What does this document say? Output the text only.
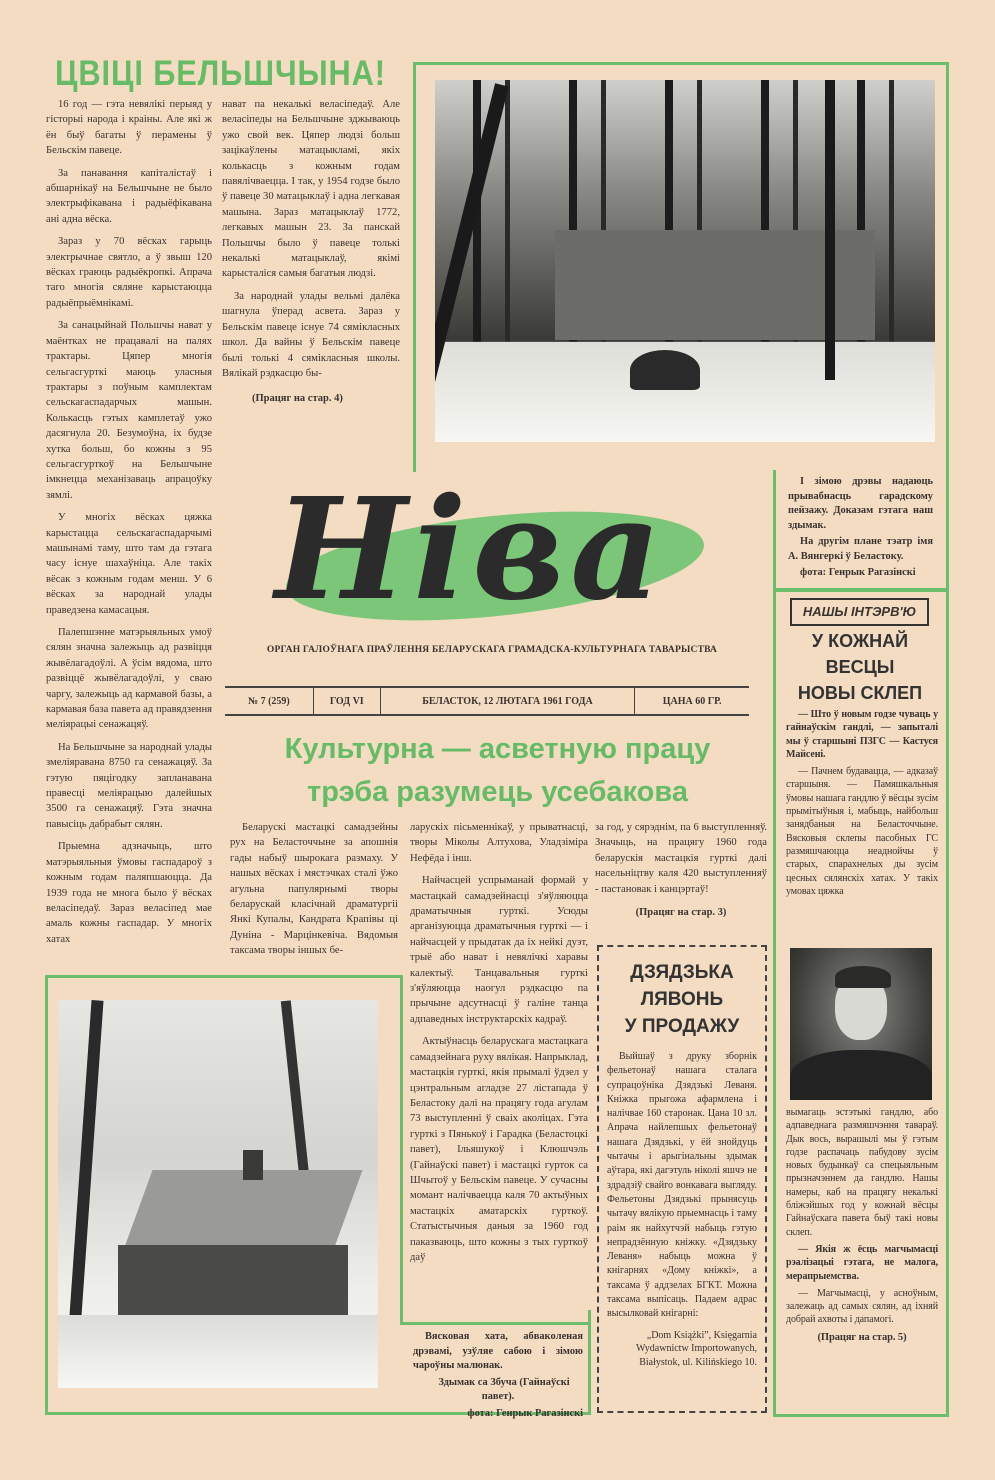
ЦВІЦІ БЕЛЬШЧЫНА!

16 год — гэта невялікі перыяд у гісторыі народа і краіны. Але які ж ён быў багаты ў перамены ў Бельскім павеце.

За панавання капіталістаў і абшарнікаў на Бельшчыне не было электрыфікавана і радыёфікавана ані адна вёска.

Зараз у 70 вёсках гарыць электрычнае святло, а ў звыш 120 вёсках граюць радыёкропкі. Апрача таго многія сяляне карыстаюцца радыёпрыёмнікамі.

За санацыйнай Польшчы нават у маёнтках не працавалі на палях трактары. Цяпер многія сельгасгурткі маюць уласныя трактары з поўным камплектам сельскагаспадарчых машын. Колькасць гэтых камплетаў ужо дасягнула 20. Безумоўна, іх будзе хутка больш, бо кожны з 95 сельгасгурткоў на Бельшчыне імкнецца механізаваць апрацоўку зямлі.

У многіх вёсках цяжка карыстацца сельскагаспадарчымі машынамі таму, што там да гэтага часу існуе шахаўніца. Але такіх вёсак з кожным годам менш. У 6 вёсках за народнай улады праведзена камасацыя.

Палепшэнне матэрыяльных умоў сялян значна залежыць ад развіцця жывёлагадоўлі. А ўсім вядома, што развіццё жывёлагадоўлі, у сваю чаргу, залежыць ад кармавой базы, а кармавая база павета ад правядзення меліярацыі сенажацяў.

На Бельшчыне за народнай улады змеліяравана 8750 га сенажацяў. За гэтую пяцігодку запланавана правесці меліярацыю далейшых 3500 га сенажацяў. Гэта значна павысіць дабрабыт сялян.

Прыемна адзначыць, што матэрыяльныя ўмовы гаспадароў з кожным годам паляпшаюцца. Да 1939 года не многа было ў вёсках веласіпедаў. Зараз веласіпед мае амаль кожны гаспадар. У многіх хатах

нават па некалькі веласіпедаў. Але веласіпеды на Бельшчыне зджываюць ужо свой век. Цяпер людзі больш зацікаўлены матацыкламі, якіх колькасць з кожным годам павялічваецца. І так, у 1954 годзе было ў павеце 30 матацыклаў і адна легкавая машына. Зараз матацыклаў 1772, легкавых машын 23. За панскай Польшчы было ў павеце толькі некалькі матацыклаў, якімі карысталіся самыя багатыя людзі.

За народнай улады вельмі далёка шагнула ўперад асвета. Зараз у Бельскім павеце існуе 74 сямікласных школ. Да вайны ў Бельскім павеце былі толькі 4 сямікласныя школы. Вялікай рэдкасцю бы-

(Працяг на стар. 4)

І зімою дрэвы надаюць прывабнасць гарадскому пейзажу. Доказам гэтага наш здымак.

На другім плане тэатр імя А. Вянгеркі ў Беластоку.

фота: Генрык Рагазінскі

Ніва
ОРГАН ГАЛОЎНАГА ПРАЎЛЕННЯ БЕЛАРУСКАГА ГРАМАДСКА-КУЛЬТУРНАГА ТАВАРЫСТВА
№ 7 (259)	ГОД VI	БЕЛАСТОК, 12 ЛЮТАГА 1961 ГОДА	ЦАНА 60 ГР.
Культурна — асветную працу
трэба разумець усебакова

Беларускі мастацкі самадзейны рух на Беласточчыне за апошнія гады набыў шырокага размаху. У нашых вёсках і мястэчках сталі ўжо агульна папулярнымі творы беларускай класічнай драматургіі Янкі Купалы, Кандрата Крапівы ці Дуніна - Марцінкевіча. Вядомыя таксама творы іншых бе-

ларускіх пісьменнікаў, у прыватнасці, творы Міколы Алтухова, Уладзіміра Нефёда і інш.

Найчасцей успрыманай формай у мастацкай самадзейнасці з'яўляюцца драматычныя гурткі. Усюды арганізуюцца драматычныя гурткі — і найчасцей у прыдатак да іх нейкі дуэт, трыё або нават і невялічкі харавы калектыў. Танцавальныя гурткі з'яўляюцца наогул рэдкасцю па прычыне адсутнасці ў галіне танца адпаведных інструктарскіх кадраў.

Актыўнасць беларускага мастацкага самадзейнага руху вялікая. Напрыклад, мастацкія гурткі, якія прымалі ўдзел у цэнтральным агладзе 27 лістапада ў Беластоку далі на працягу года агулам 73 выступленні ў сваіх аколіцах. Гэта гурткі з Пянькоў і Гарадка (Беластоцкі павет), Ільяшукоў і Клюшчэль (Гайнаўскі павет) і мастацкі гурток са Шчытоў у Бельскім павеце. У сучасны момант налічваецца каля 70 актыўных мастацкіх аматарскіх гурткоў. Статыстычныя даныя за 1960 год паказваюць, што кожны з тых гурткоў даў

за год, у сярэднім, па 6 выступленняў. Значыць, на працягу 1960 года беларускія мастацкія гурткі далі насельніцтву каля 420 выступленняў - пастановак і канцэртаў!

(Працяг на стар. 3)

Вясковая хата, абвакoленая дрэвамі, узўляе сабою і зімою чароўны малюнак.

Здымак са Збуча (Гайнаўскі павет).

фота: Генрык Рагазінскі

ДЗЯДЗЬКА
ЛЯВОНЬ
У ПРОДАЖУ

Выйшаў з друку зборнік фельетонаў нашага сталага супрацоўніка Дзядзькі Леваня. Кніжка прыгожа афармлена і налічвае 160 старонак. Цана 10 зл. Апрача найлепшых фельетонаў нашага Дзядзькі, у ёй знойдуць чытачы і арыгінальны здымак аўтара, які дагэтуль ніколі яшчэ не здрадзіў свайго вонкавага выгляду. Фельетоны Дзядзькі прынясуць чытачу вялікую прыемнасць і таму раім як найхутчэй набыць гэтую непрадзённую кніжку. «Дзядзьку Леваня» набыць можна ў кнігарнях «Дому кніжкі», а таксама ў аддзелах БГКТ. Можна таксама выпісаць. Падаем адрас высылковай кнігарні:

„Dom Książki”, Księgarnia Wydawnictw Importowanych, Białystok, ul. Kilińskiego 10.
НАШЫ ІНТЭРВ'Ю
У КОЖНАЙ
ВЕСЦЫ
НОВЫ СКЛЕП

— Што ў новым годзе чуваць у гайнаўскім гандлі, — запыталі мы ў старшыні ПЗГС — Кастуся Майсені.

— Пачнем будавацца, — адказаў старшыня. — Памяшкальныя ўмовы нашага гандлю ў вёсцы зусім прымітыўныя і, мабыць, найбольш занядбаныя на Беласточчыне. Вясковыя склепы пасобных ГС размяшчаюцца неаднойчы ў старых, спарахнелых ды зусім цесных сялянскіх хатах. У такіх умовах цяжка

вымагаць эстэтыкі гандлю, або адпаведнага размяшчэння тавараў. Дык вось, вырашылі мы ў гэтым годзе распачаць пабудову зусім новых будынкаў са спецыяльным прызначэннем да гандлю. Нашы намеры, каб на працягу некалькі бліжэйшых год у кожнай вёсцы Гайнаўскага павета быў такі новы склеп.

— Якія ж ёсць магчымасці рэалізацыі гэтага, не малога, мерапрыемства.

— Магчымасці, у асноўным, залежаць ад самых сялян, ад іхняй добрай ахвоты і дапамогі.

(Працяг на стар. 5)
